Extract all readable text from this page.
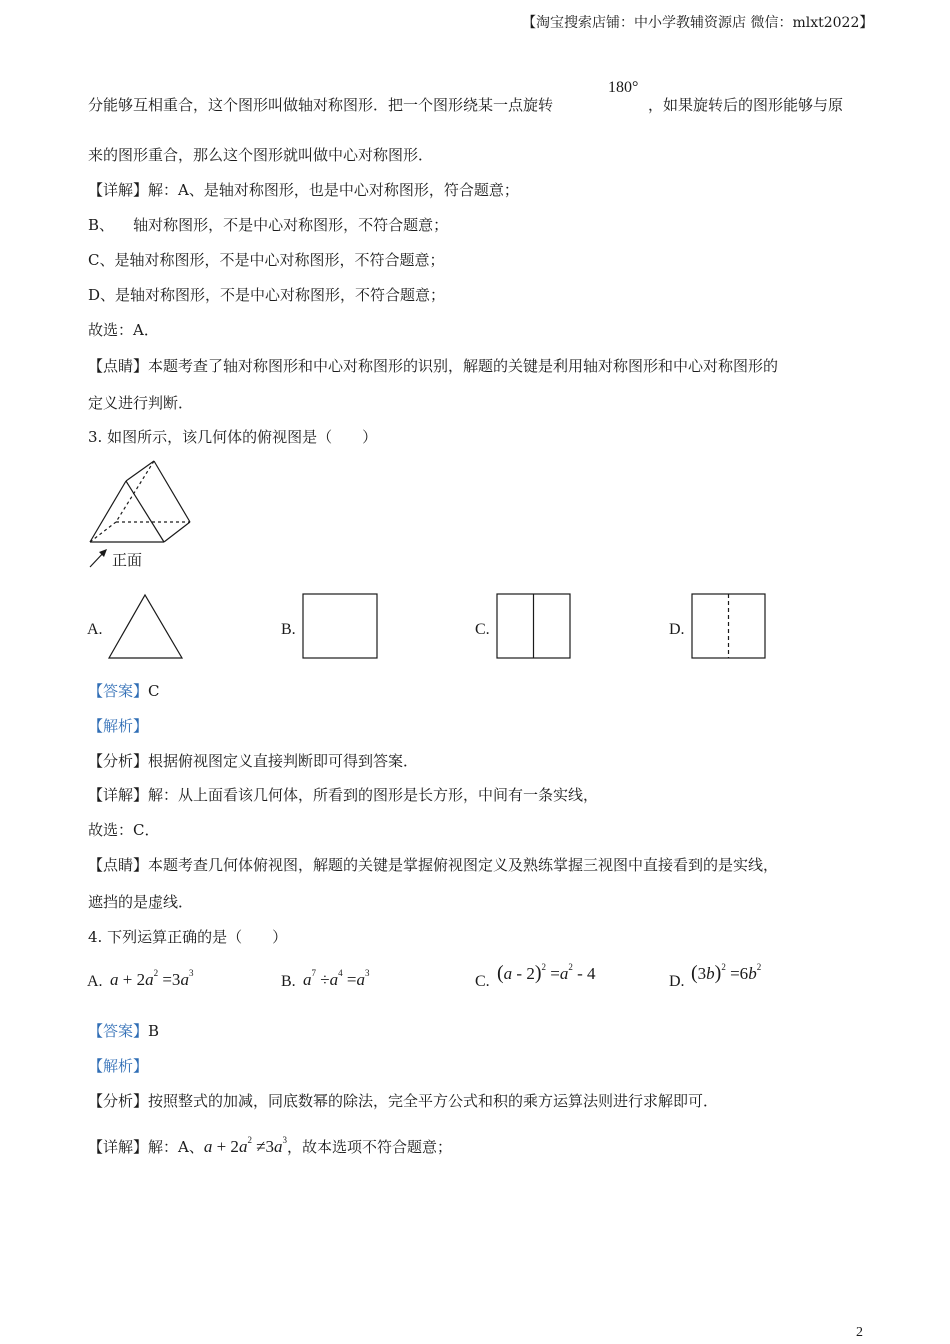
【淘宝搜索店铺：中小学教辅资源店 微信：mlxt2022】
分能够互相重合，这个图形叫做轴对称图形．把一个图形绕某一点旋转
180°
，如果旋转后的图形能够与原
来的图形重合，那么这个图形就叫做中心对称图形．
【详解】解：A、是轴对称图形，也是中心对称图形，符合题意；
B、    轴对称图形，不是中心对称图形，不符合题意；
C、是轴对称图形，不是中心对称图形，不符合题意；
D、是轴对称图形，不是中心对称图形，不符合题意；
故选：A．
【点睛】本题考查了轴对称图形和中心对称图形的识别，解题的关键是利用轴对称图形和中心对称图形的
定义进行判断．
3. 如图所示，该几何体的俯视图是（　　）
正面
A.	B.	C.	D.
【答案】C
【解析】
【分析】根据俯视图定义直接判断即可得到答案．
【详解】解：从上面看该几何体，所看到的图形是长方形，中间有一条实线，
故选：C．
【点睛】本题考查几何体俯视图，解题的关键是掌握俯视图定义及熟练掌握三视图中直接看到的是实线，
遮挡的是虚线．
4. 下列运算正确的是（　　）
A. $a + 2a^2 =3a^3$	B. $a^7 \div a^4 =a^3$	C. $(a - 2)^2 =a^2 - 4$	D. $(3b)^2 =6b^2$
【答案】B
【解析】
【分析】按照整式的加减，同底数幂的除法，完全平方公式和积的乘方运算法则进行求解即可．
【详解】解：A、$a + 2a^2 \ne 3a^3$，故本选项不符合题意；
2
